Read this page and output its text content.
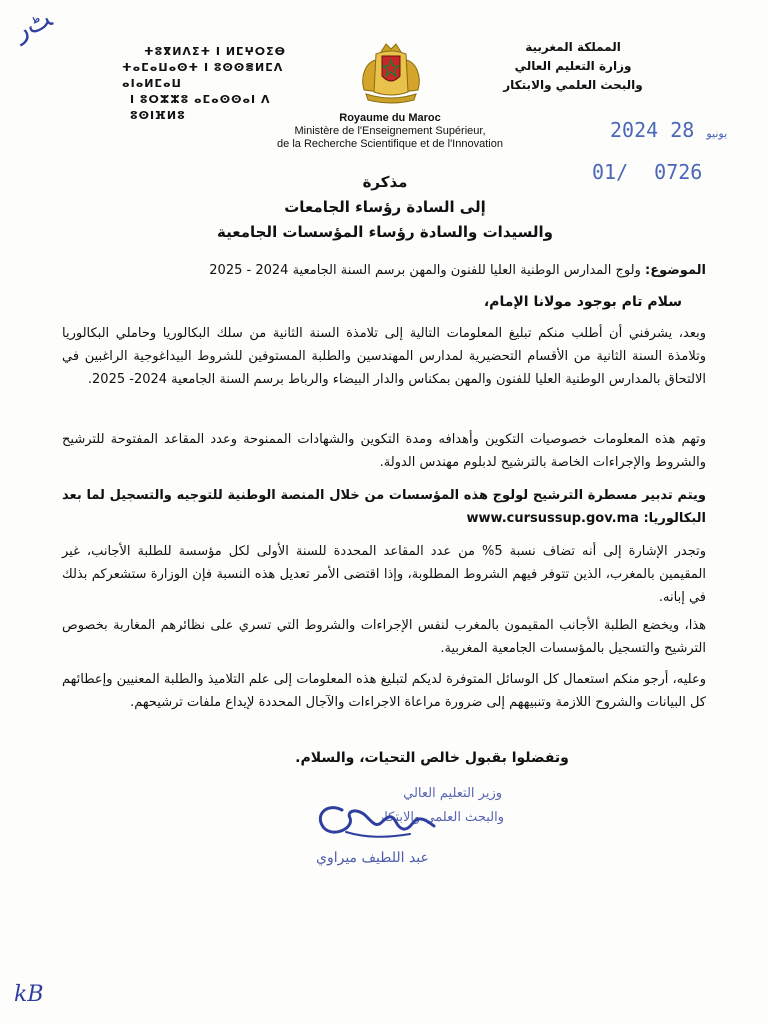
ﭧﺭ
ⵜⵓⴳⵍⴷⵉⵜ ⵏ ⵍⵎⵖⵔⵉⴱ
ⵜⴰⵎⴰⵡⴰⵙⵜ ⵏ ⵓⵙⵙⴻⵍⵎⴷ ⴰⵏⴰⵍⵎⴰⵡ
ⵏ ⵓⵔⵣⵣⵓ ⴰⵎⴰⵙⵙⴰⵏ ⴷ ⵓⵙⵏⴼⵍⵓ
المملكة المغربية
وزارة التعليم العالي
والبحث العلمي والابتكار
Royaume du Maroc
Ministère de l'Enseignement Supérieur,
de la Recherche Scientifique et de l'Innovation
2024	يونيو 28
01/ 0726
مذكرة
إلى السادة رؤساء الجامعات
والسيدات والسادة رؤساء المؤسسات الجامعية
الموضوع: ولوج المدارس الوطنية العليا للفنون والمهن برسم السنة الجامعية 2024 - 2025
سلام تام بوجود مولانا الإمام،
وبعد، يشرفني أن أطلب منكم تبليغ المعلومات التالية إلى تلامذة السنة الثانية من سلك البكالوريا وحاملي البكالوريا وتلامذة السنة الثانية من الأقسام التحضيرية لمدارس المهندسين والطلبة المستوفين للشروط البيداغوجية الراغبين في الالتحاق بالمدارس الوطنية العليا للفنون والمهن بمكناس والدار البيضاء والرباط برسم السنة الجامعية 2024- 2025.
وتهم هذه المعلومات خصوصيات التكوين وأهدافه ومدة التكوين والشهادات الممنوحة وعدد المقاعد المفتوحة للترشيح والشروط والإجراءات الخاصة بالترشيح لدبلوم مهندس الدولة.
ويتم تدبير مسطرة الترشيح لولوج هذه المؤسسات من خلال المنصة الوطنية للتوجيه والتسجيل لما بعد البكالوريا: www.cursussup.gov.ma
وتجدر الإشارة إلى أنه تضاف نسبة 5% من عدد المقاعد المحددة للسنة الأولى لكل مؤسسة للطلبة الأجانب، غير المقيمين بالمغرب، الذين تتوفر فيهم الشروط المطلوبة، وإذا اقتضى الأمر تعديل هذه النسبة فإن الوزارة ستشعركم بذلك في إبانه.
هذا، ويخضع الطلبة الأجانب المقيمون بالمغرب لنفس الإجراءات والشروط التي تسري على نظائرهم المغاربة بخصوص الترشيح والتسجيل بالمؤسسات الجامعية المغربية.
وعليه، أرجو منكم استعمال كل الوسائل المتوفرة لديكم لتبليغ هذه المعلومات إلى علم التلاميذ والطلبة المعنيين وإعطائهم كل البيانات والشروح اللازمة وتنبيههم إلى ضرورة مراعاة الاجراءات والآجال المحددة لإيداع ملفات ترشيحهم.
وتفضلوا بقبول خالص التحيات، والسلام.
وزير التعليم العالي
والبحث العلمي والابتكار
عبد اللطيف ميراوي
kB
